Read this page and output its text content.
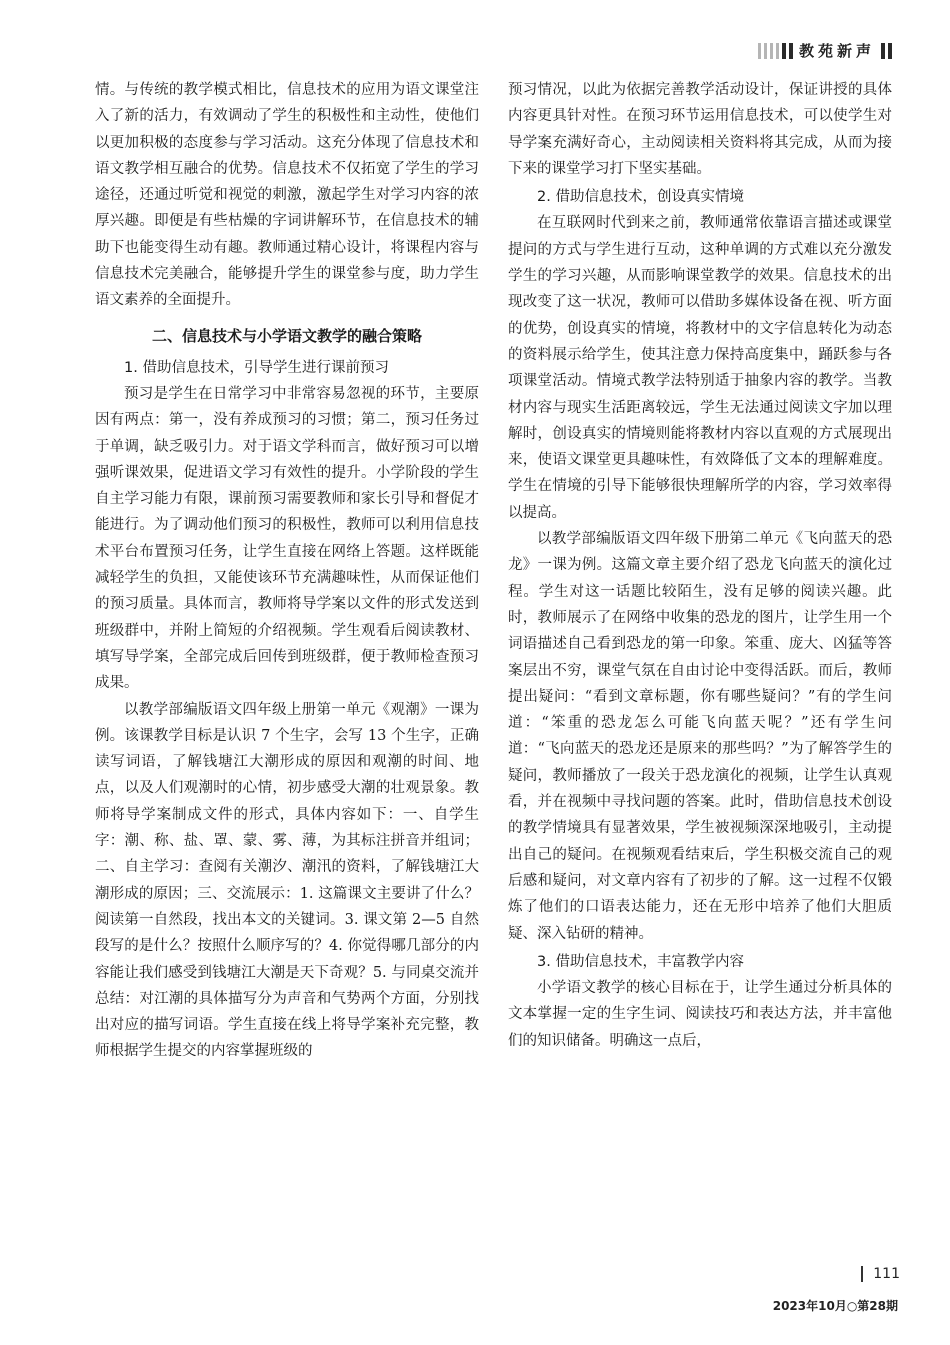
教苑新声

情。与传统的教学模式相比，信息技术的应用为语文课堂注入了新的活力，有效调动了学生的积极性和主动性，使他们以更加积极的态度参与学习活动。这充分体现了信息技术和语文教学相互融合的优势。信息技术不仅拓宽了学生的学习途径，还通过听觉和视觉的刺激，激起学生对学习内容的浓厚兴趣。即便是有些枯燥的字词讲解环节，在信息技术的辅助下也能变得生动有趣。教师通过精心设计，将课程内容与信息技术完美融合，能够提升学生的课堂参与度，助力学生语文素养的全面提升。

二、信息技术与小学语文教学的融合策略
1. 借助信息技术，引导学生进行课前预习

预习是学生在日常学习中非常容易忽视的环节，主要原因有两点：第一，没有养成预习的习惯；第二，预习任务过于单调，缺乏吸引力。对于语文学科而言，做好预习可以增强听课效果，促进语文学习有效性的提升。小学阶段的学生自主学习能力有限，课前预习需要教师和家长引导和督促才能进行。为了调动他们预习的积极性，教师可以利用信息技术平台布置预习任务，让学生直接在网络上答题。这样既能减轻学生的负担，又能使该环节充满趣味性，从而保证他们的预习质量。具体而言，教师将导学案以文件的形式发送到班级群中，并附上简短的介绍视频。学生观看后阅读教材、填写导学案，全部完成后回传到班级群，便于教师检查预习成果。

以教学部编版语文四年级上册第一单元《观潮》一课为例。该课教学目标是认识 7 个生字，会写 13 个生字，正确读写词语，了解钱塘江大潮形成的原因和观潮的时间、地点，以及人们观潮时的心情，初步感受大潮的壮观景象。教师将导学案制成文件的形式，具体内容如下：一、自学生字：潮、称、盐、罩、蒙、雾、薄，为其标注拼音并组词；二、自主学习：查阅有关潮汐、潮汛的资料，了解钱塘江大潮形成的原因；三、交流展示：1. 这篇课文主要讲了什么？阅读第一自然段，找出本文的关键词。3. 课文第 2—5 自然段写的是什么？按照什么顺序写的？4. 你觉得哪几部分的内容能让我们感受到钱塘江大潮是天下奇观？5. 与同桌交流并总结：对江潮的具体描写分为声音和气势两个方面，分别找出对应的描写词语。学生直接在线上将导学案补充完整，教师根据学生提交的内容掌握班级的

预习情况，以此为依据完善教学活动设计，保证讲授的具体内容更具针对性。在预习环节运用信息技术，可以使学生对导学案充满好奇心，主动阅读相关资料将其完成，从而为接下来的课堂学习打下坚实基础。

2. 借助信息技术，创设真实情境

在互联网时代到来之前，教师通常依靠语言描述或课堂提问的方式与学生进行互动，这种单调的方式难以充分激发学生的学习兴趣，从而影响课堂教学的效果。信息技术的出现改变了这一状况，教师可以借助多媒体设备在视、听方面的优势，创设真实的情境，将教材中的文字信息转化为动态的资料展示给学生，使其注意力保持高度集中，踊跃参与各项课堂活动。情境式教学法特别适于抽象内容的教学。当教材内容与现实生活距离较远，学生无法通过阅读文字加以理解时，创设真实的情境则能将教材内容以直观的方式展现出来，使语文课堂更具趣味性，有效降低了文本的理解难度。学生在情境的引导下能够很快理解所学的内容，学习效率得以提高。

以教学部编版语文四年级下册第二单元《飞向蓝天的恐龙》一课为例。这篇文章主要介绍了恐龙飞向蓝天的演化过程。学生对这一话题比较陌生，没有足够的阅读兴趣。此时，教师展示了在网络中收集的恐龙的图片，让学生用一个词语描述自己看到恐龙的第一印象。笨重、庞大、凶猛等答案层出不穷，课堂气氛在自由讨论中变得活跃。而后，教师提出疑问：“看到文章标题，你有哪些疑问？”有的学生问道：“笨重的恐龙怎么可能飞向蓝天呢？”还有学生问道：“飞向蓝天的恐龙还是原来的那些吗？”为了解答学生的疑问，教师播放了一段关于恐龙演化的视频，让学生认真观看，并在视频中寻找问题的答案。此时，借助信息技术创设的教学情境具有显著效果，学生被视频深深地吸引，主动提出自己的疑问。在视频观看结束后，学生积极交流自己的观后感和疑问，对文章内容有了初步的了解。这一过程不仅锻炼了他们的口语表达能力，还在无形中培养了他们大胆质疑、深入钻研的精神。

3. 借助信息技术，丰富教学内容

小学语文教学的核心目标在于，让学生通过分析具体的文本掌握一定的生字生词、阅读技巧和表达方法，并丰富他们的知识储备。明确这一点后，

111
2023年10月○第28期
